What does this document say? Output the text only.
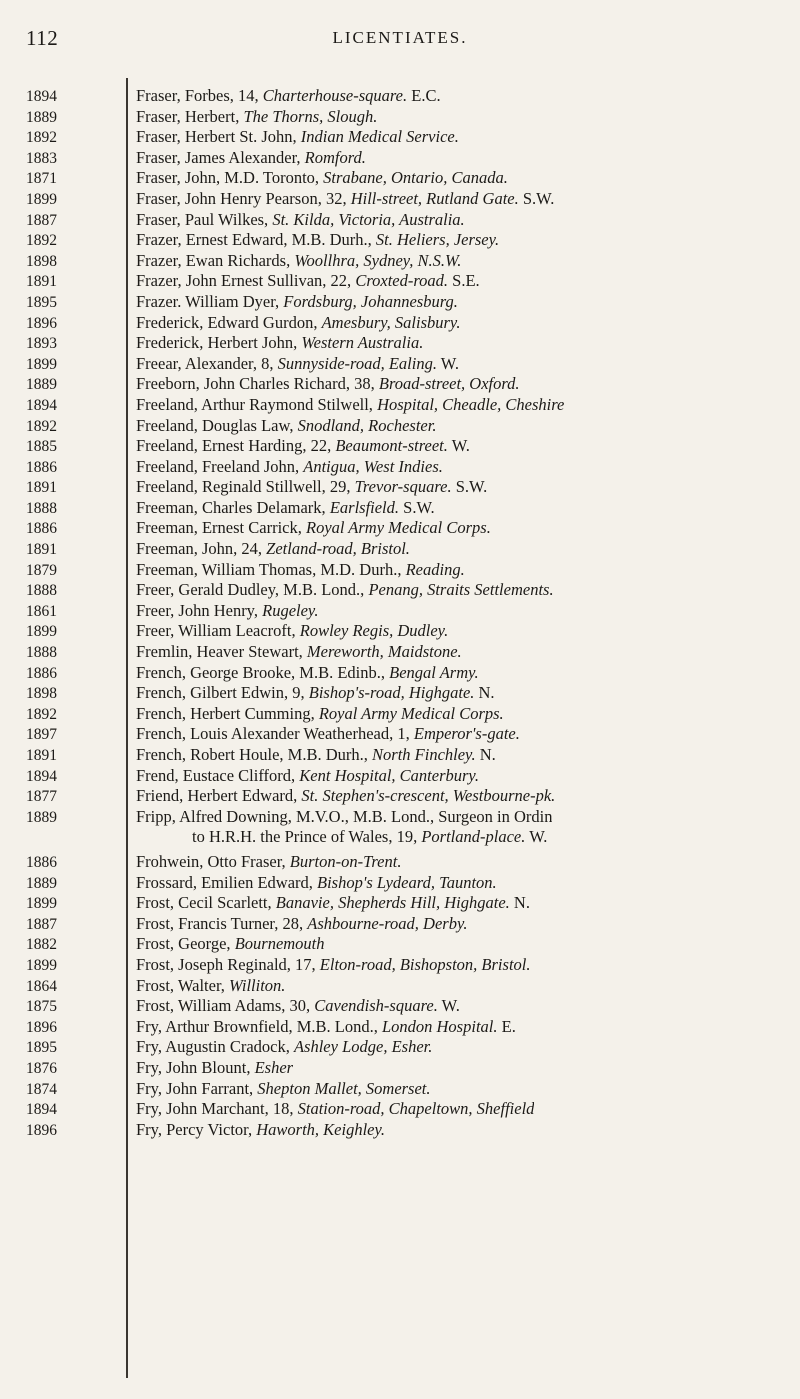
112	LICENTIATES.
1894	Fraser, Forbes, 14, Charterhouse-square. E.C.
1889	Fraser, Herbert, The Thorns, Slough.
1892	Fraser, Herbert St. John, Indian Medical Service.
1883	Fraser, James Alexander, Romford.
1871	Fraser, John, M.D. Toronto, Strabane, Ontario, Canada.
1899	Fraser, John Henry Pearson, 32, Hill-street, Rutland Gate. S.W.
1887	Fraser, Paul Wilkes, St. Kilda, Victoria, Australia.
1892	Frazer, Ernest Edward, M.B. Durh., St. Heliers, Jersey.
1898	Frazer, Ewan Richards, Woollhra, Sydney, N.S.W.
1891	Frazer, John Ernest Sullivan, 22, Croxted-road. S.E.
1895	Frazer. William Dyer, Fordsburg, Johannesburg.
1896	Frederick, Edward Gurdon, Amesbury, Salisbury.
1893	Frederick, Herbert John, Western Australia.
1899	Freear, Alexander, 8, Sunnyside-road, Ealing. W.
1889	Freeborn, John Charles Richard, 38, Broad-street, Oxford.
1894	Freeland, Arthur Raymond Stilwell, Hospital, Cheadle, Cheshire
1892	Freeland, Douglas Law, Snodland, Rochester.
1885	Freeland, Ernest Harding, 22, Beaumont-street. W.
1886	Freeland, Freeland John, Antigua, West Indies.
1891	Freeland, Reginald Stillwell, 29, Trevor-square. S.W.
1888	Freeman, Charles Delamark, Earlsfield. S.W.
1886	Freeman, Ernest Carrick, Royal Army Medical Corps.
1891	Freeman, John, 24, Zetland-road, Bristol.
1879	Freeman, William Thomas, M.D. Durh., Reading.
1888	Freer, Gerald Dudley, M.B. Lond., Penang, Straits Settlements.
1861	Freer, John Henry, Rugeley.
1899	Freer, William Leacroft, Rowley Regis, Dudley.
1888	Fremlin, Heaver Stewart, Mereworth, Maidstone.
1886	French, George Brooke, M.B. Edinb., Bengal Army.
1898	French, Gilbert Edwin, 9, Bishop's-road, Highgate. N.
1892	French, Herbert Cumming, Royal Army Medical Corps.
1897	French, Louis Alexander Weatherhead, 1, Emperor's-gate.
1891	French, Robert Houle, M.B. Durh., North Finchley. N.
1894	Frend, Eustace Clifford, Kent Hospital, Canterbury.
1877	Friend, Herbert Edward, St. Stephen's-crescent, Westbourne-pk.
1889	Fripp, Alfred Downing, M.V.O., M.B. Lond., Surgeon in Ordin
to H.R.H. the Prince of Wales, 19, Portland-place. W.
1886	Frohwein, Otto Fraser, Burton-on-Trent.
1889	Frossard, Emilien Edward, Bishop's Lydeard, Taunton.
1899	Frost, Cecil Scarlett, Banavie, Shepherds Hill, Highgate. N.
1887	Frost, Francis Turner, 28, Ashbourne-road, Derby.
1882	Frost, George, Bournemouth
1899	Frost, Joseph Reginald, 17, Elton-road, Bishopston, Bristol.
1864	Frost, Walter, Williton.
1875	Frost, William Adams, 30, Cavendish-square. W.
1896	Fry, Arthur Brownfield, M.B. Lond., London Hospital. E.
1895	Fry, Augustin Cradock, Ashley Lodge, Esher.
1876	Fry, John Blount, Esher
1874	Fry, John Farrant, Shepton Mallet, Somerset.
1894	Fry, John Marchant, 18, Station-road, Chapeltown, Sheffield
1896	Fry, Percy Victor, Haworth, Keighley.
